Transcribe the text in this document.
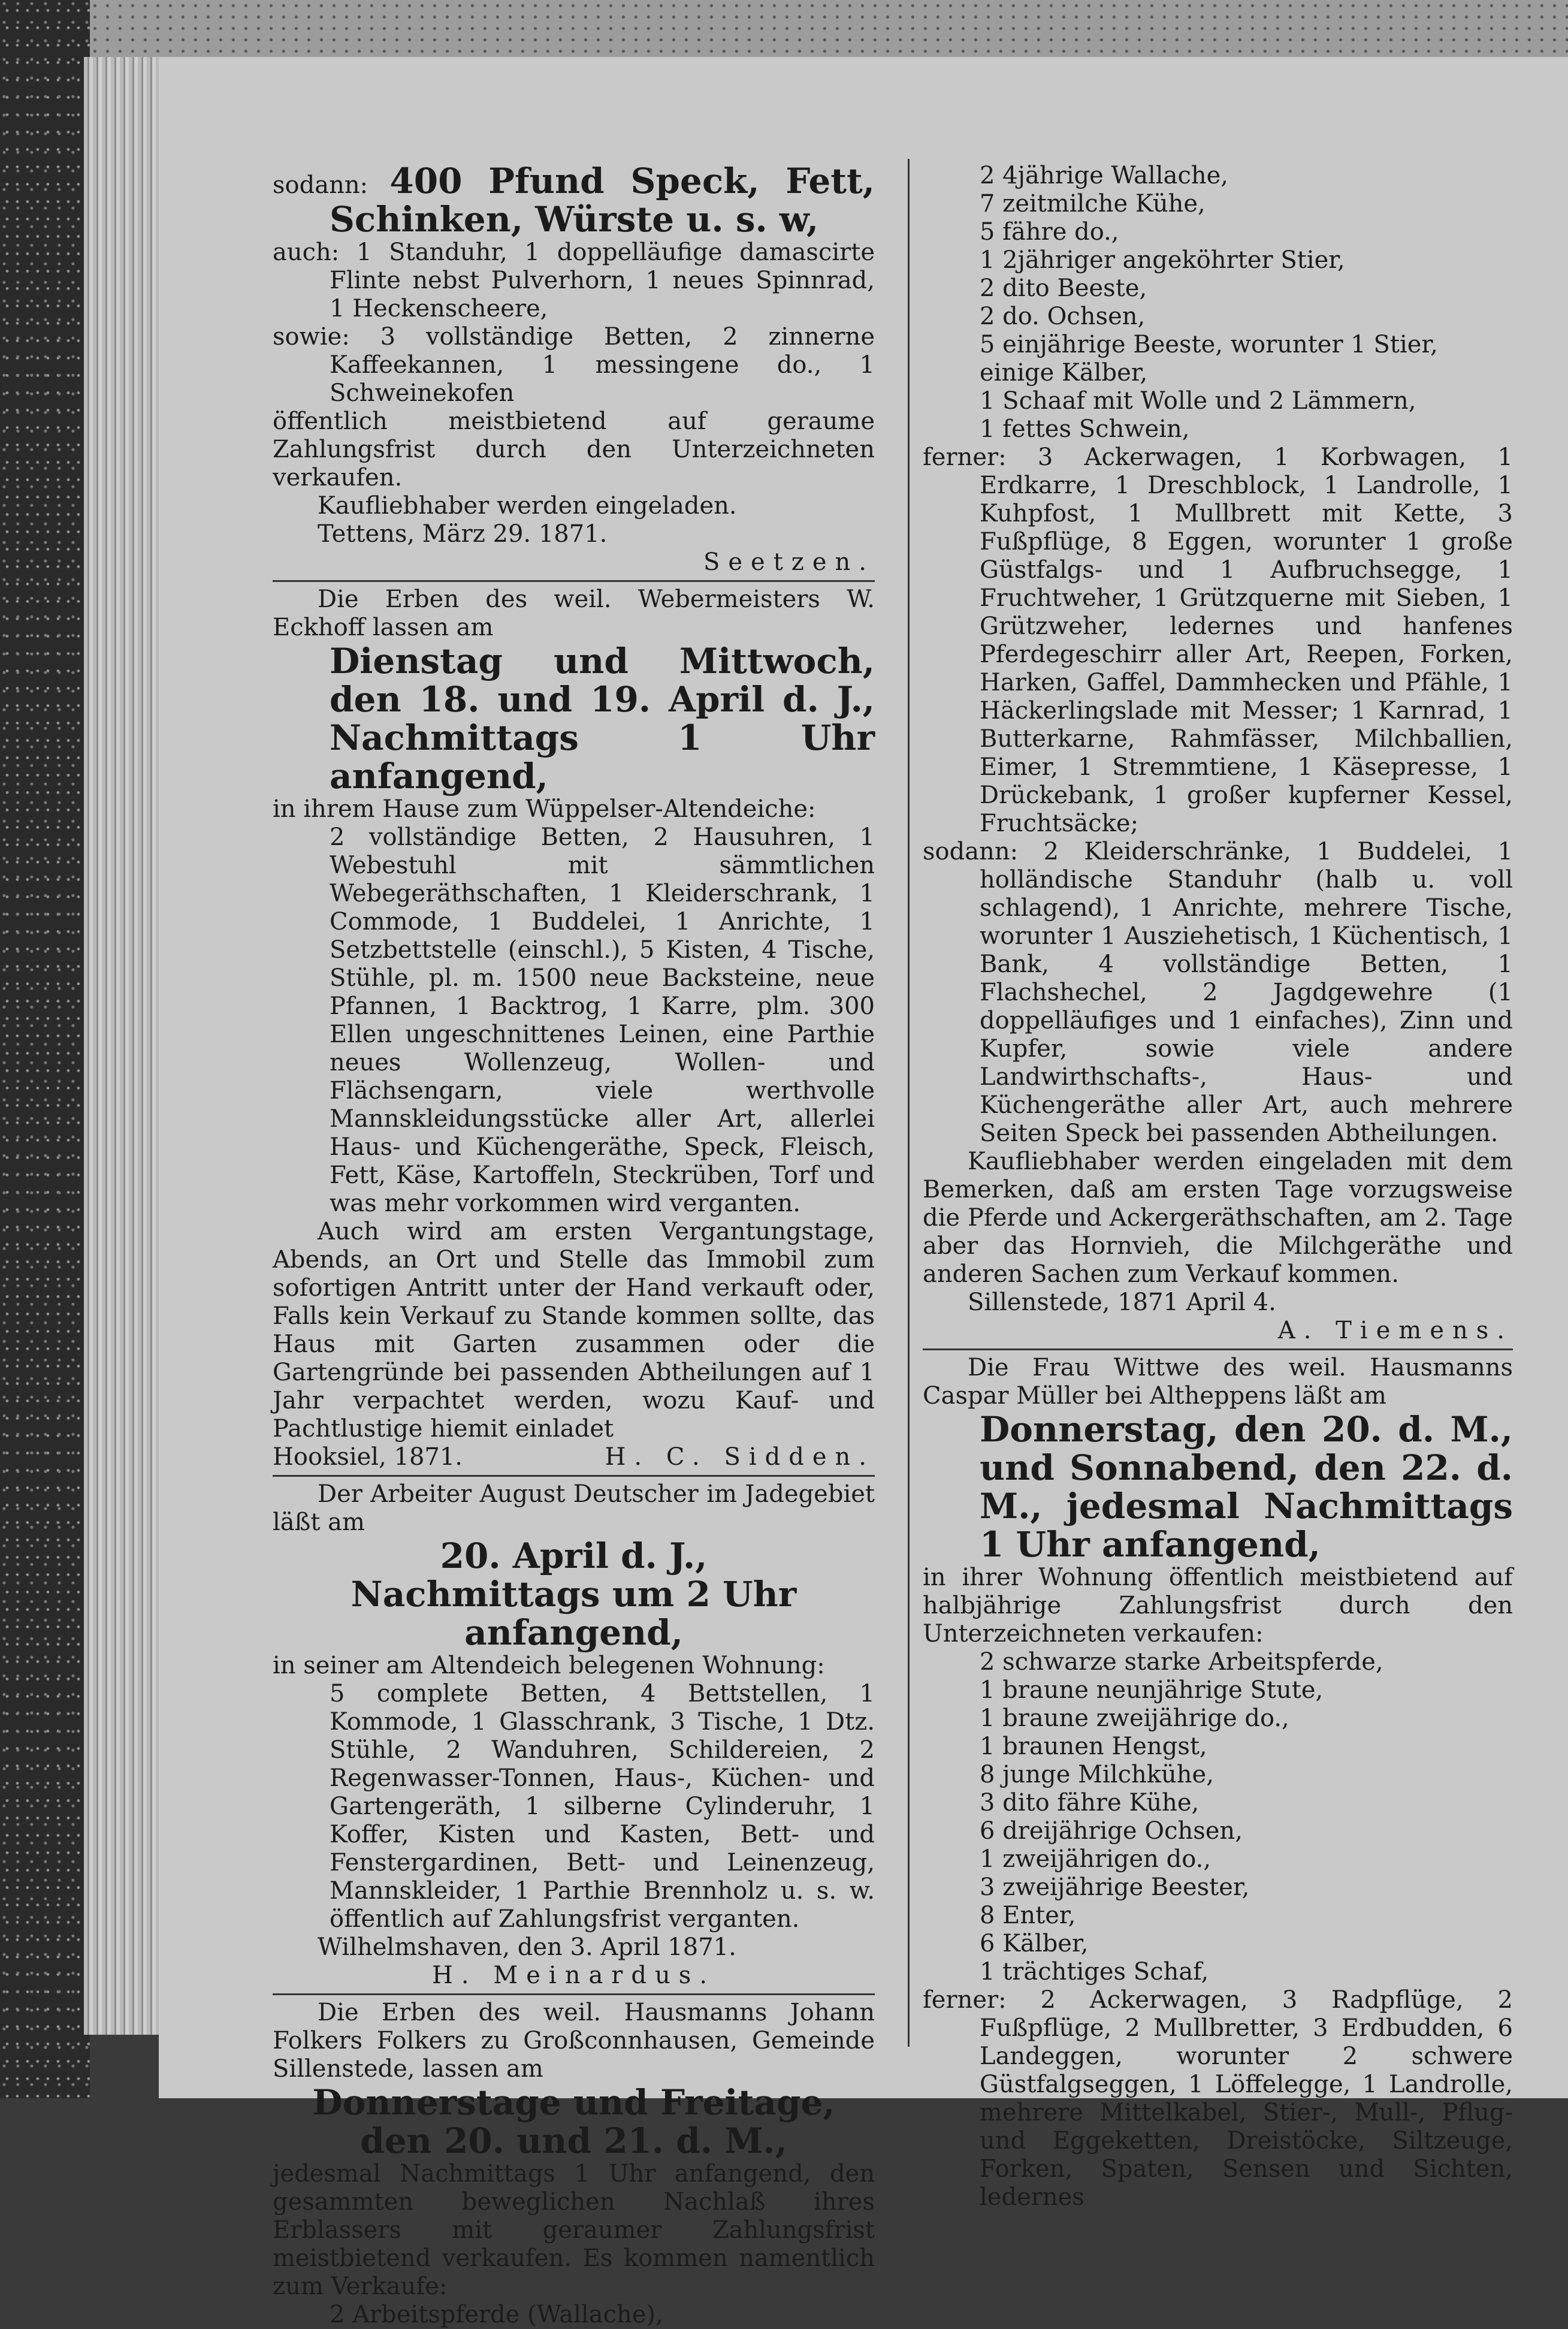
sodann: 400 Pfund Speck, Fett, Schinken, Würste u. s. w,

auch: 1 Standuhr, 1 doppelläufige damascirte Flinte nebst Pulverhorn, 1 neues Spinnrad, 1 Heckenscheere,

sowie: 3 vollständige Betten, 2 zinnerne Kaffeekannen, 1 messingene do., 1 Schweinekofen

öffentlich meistbietend auf geraume Zahlungsfrist durch den Unterzeichneten verkaufen.

Kaufliebhaber werden eingeladen.

Tettens, März 29. 1871.

Seetzen.

Die Erben des weil. Webermeisters W. Eckhoff lassen am

Dienstag und Mittwoch, den 18. und 19. April d. J., Nachmittags 1 Uhr anfangend,

in ihrem Hause zum Wüppelser-Altendeiche:

2 vollständige Betten, 2 Hausuhren, 1 Webestuhl mit sämmtlichen Webegeräthschaften, 1 Kleiderschrank, 1 Commode, 1 Buddelei, 1 Anrichte, 1 Setzbettstelle (einschl.), 5 Kisten, 4 Tische, Stühle, pl. m. 1500 neue Backsteine, neue Pfannen, 1 Backtrog, 1 Karre, plm. 300 Ellen ungeschnittenes Leinen, eine Parthie neues Wollenzeug, Wollen- und Flächsengarn, viele werthvolle Mannskleidungsstücke aller Art, allerlei Haus- und Küchengeräthe, Speck, Fleisch, Fett, Käse, Kartoffeln, Steckrüben, Torf und was mehr vorkommen wird verganten.

Auch wird am ersten Vergantungstage, Abends, an Ort und Stelle das Immobil zum sofortigen Antritt unter der Hand verkauft oder, Falls kein Verkauf zu Stande kommen sollte, das Haus mit Garten zusammen oder die Gartengründe bei passenden Abtheilungen auf 1 Jahr verpachtet werden, wozu Kauf- und Pachtlustige hiemit einladet

Hooksiel, 1871.	H. C. Sidden.

Der Arbeiter August Deutscher im Jadegebiet läßt am

20. April d. J.,

Nachmittags um 2 Uhr anfangend,

in seiner am Altendeich belegenen Wohnung:

5 complete Betten, 4 Bettstellen, 1 Kommode, 1 Glasschrank, 3 Tische, 1 Dtz. Stühle, 2 Wanduhren, Schildereien, 2 Regenwasser-Tonnen, Haus-, Küchen- und Gartengeräth, 1 silberne Cylinderuhr, 1 Koffer, Kisten und Kasten, Bett- und Fenstergardinen, Bett- und Leinenzeug, Mannskleider, 1 Parthie Brennholz u. s. w. öffentlich auf Zahlungsfrist verganten.

Wilhelmshaven, den 3. April 1871.

H. Meinardus.

Die Erben des weil. Hausmanns Johann Folkers Folkers zu Großconnhausen, Gemeinde Sillenstede, lassen am

Donnerstage und Freitage,

den 20. und 21. d. M.,

jedesmal Nachmittags 1 Uhr anfangend, den gesammten beweglichen Nachlaß ihres Erblassers mit geraumer Zahlungsfrist meistbietend verkaufen. Es kommen namentlich zum Verkaufe:

2 Arbeitspferde (Wallache),

2 4jährige Wallache,
7 zeitmilche Kühe,
5 fähre do.,
1 2jähriger angeköhrter Stier,
2 dito Beeste,
2 do. Ochsen,
5 einjährige Beeste, worunter 1 Stier,
einige Kälber,
1 Schaaf mit Wolle und 2 Lämmern,
1 fettes Schwein,

ferner: 3 Ackerwagen, 1 Korbwagen, 1 Erdkarre, 1 Dreschblock, 1 Landrolle, 1 Kuhpfost, 1 Mullbrett mit Kette, 3 Fußpflüge, 8 Eggen, worunter 1 große Güstfalgs- und 1 Aufbruchsegge, 1 Fruchtweher, 1 Grützquerne mit Sieben, 1 Grützweher, ledernes und hanfenes Pferdegeschirr aller Art, Reepen, Forken, Harken, Gaffel, Dammhecken und Pfähle, 1 Häckerlingslade mit Messer; 1 Karnrad, 1 Butterkarne, Rahmfässer, Milchballien, Eimer, 1 Stremmtiene, 1 Käsepresse, 1 Drückebank, 1 großer kupferner Kessel, Fruchtsäcke;

sodann: 2 Kleiderschränke, 1 Buddelei, 1 holländische Standuhr (halb u. voll schlagend), 1 Anrichte, mehrere Tische, worunter 1 Ausziehetisch, 1 Küchentisch, 1 Bank, 4 vollständige Betten, 1 Flachshechel, 2 Jagdgewehre (1 doppelläufiges und 1 einfaches), Zinn und Kupfer, sowie viele andere Landwirthschafts-, Haus- und Küchengeräthe aller Art, auch mehrere Seiten Speck bei passenden Abtheilungen.

Kaufliebhaber werden eingeladen mit dem Bemerken, daß am ersten Tage vorzugsweise die Pferde und Ackergeräthschaften, am 2. Tage aber das Hornvieh, die Milchgeräthe und anderen Sachen zum Verkauf kommen.

Sillenstede, 1871 April 4.

A. Tiemens.

Die Frau Wittwe des weil. Hausmanns Caspar Müller bei Altheppens läßt am

Donnerstag, den 20. d. M., und Sonnabend, den 22. d. M., jedesmal Nachmittags 1 Uhr anfangend,

in ihrer Wohnung öffentlich meistbietend auf halbjährige Zahlungsfrist durch den Unterzeichneten verkaufen:

2 schwarze starke Arbeitspferde,
1 braune neunjährige Stute,
1 braune zweijährige do.,
1 braunen Hengst,
8 junge Milchkühe,
3 dito fähre Kühe,
6 dreijährige Ochsen,
1 zweijährigen do.,
3 zweijährige Beester,
8 Enter,
6 Kälber,
1 trächtiges Schaf,

ferner: 2 Ackerwagen, 3 Radpflüge, 2 Fußpflüge, 2 Mullbretter, 3 Erdbudden, 6 Landeggen, worunter 2 schwere Güstfalgseggen, 1 Löffelegge, 1 Landrolle, mehrere Mittelkabel, Stier-, Mull-, Pflug- und Eggeketten, Dreistöcke, Siltzeuge, Forken, Spaten, Sensen und Sichten, ledernes
